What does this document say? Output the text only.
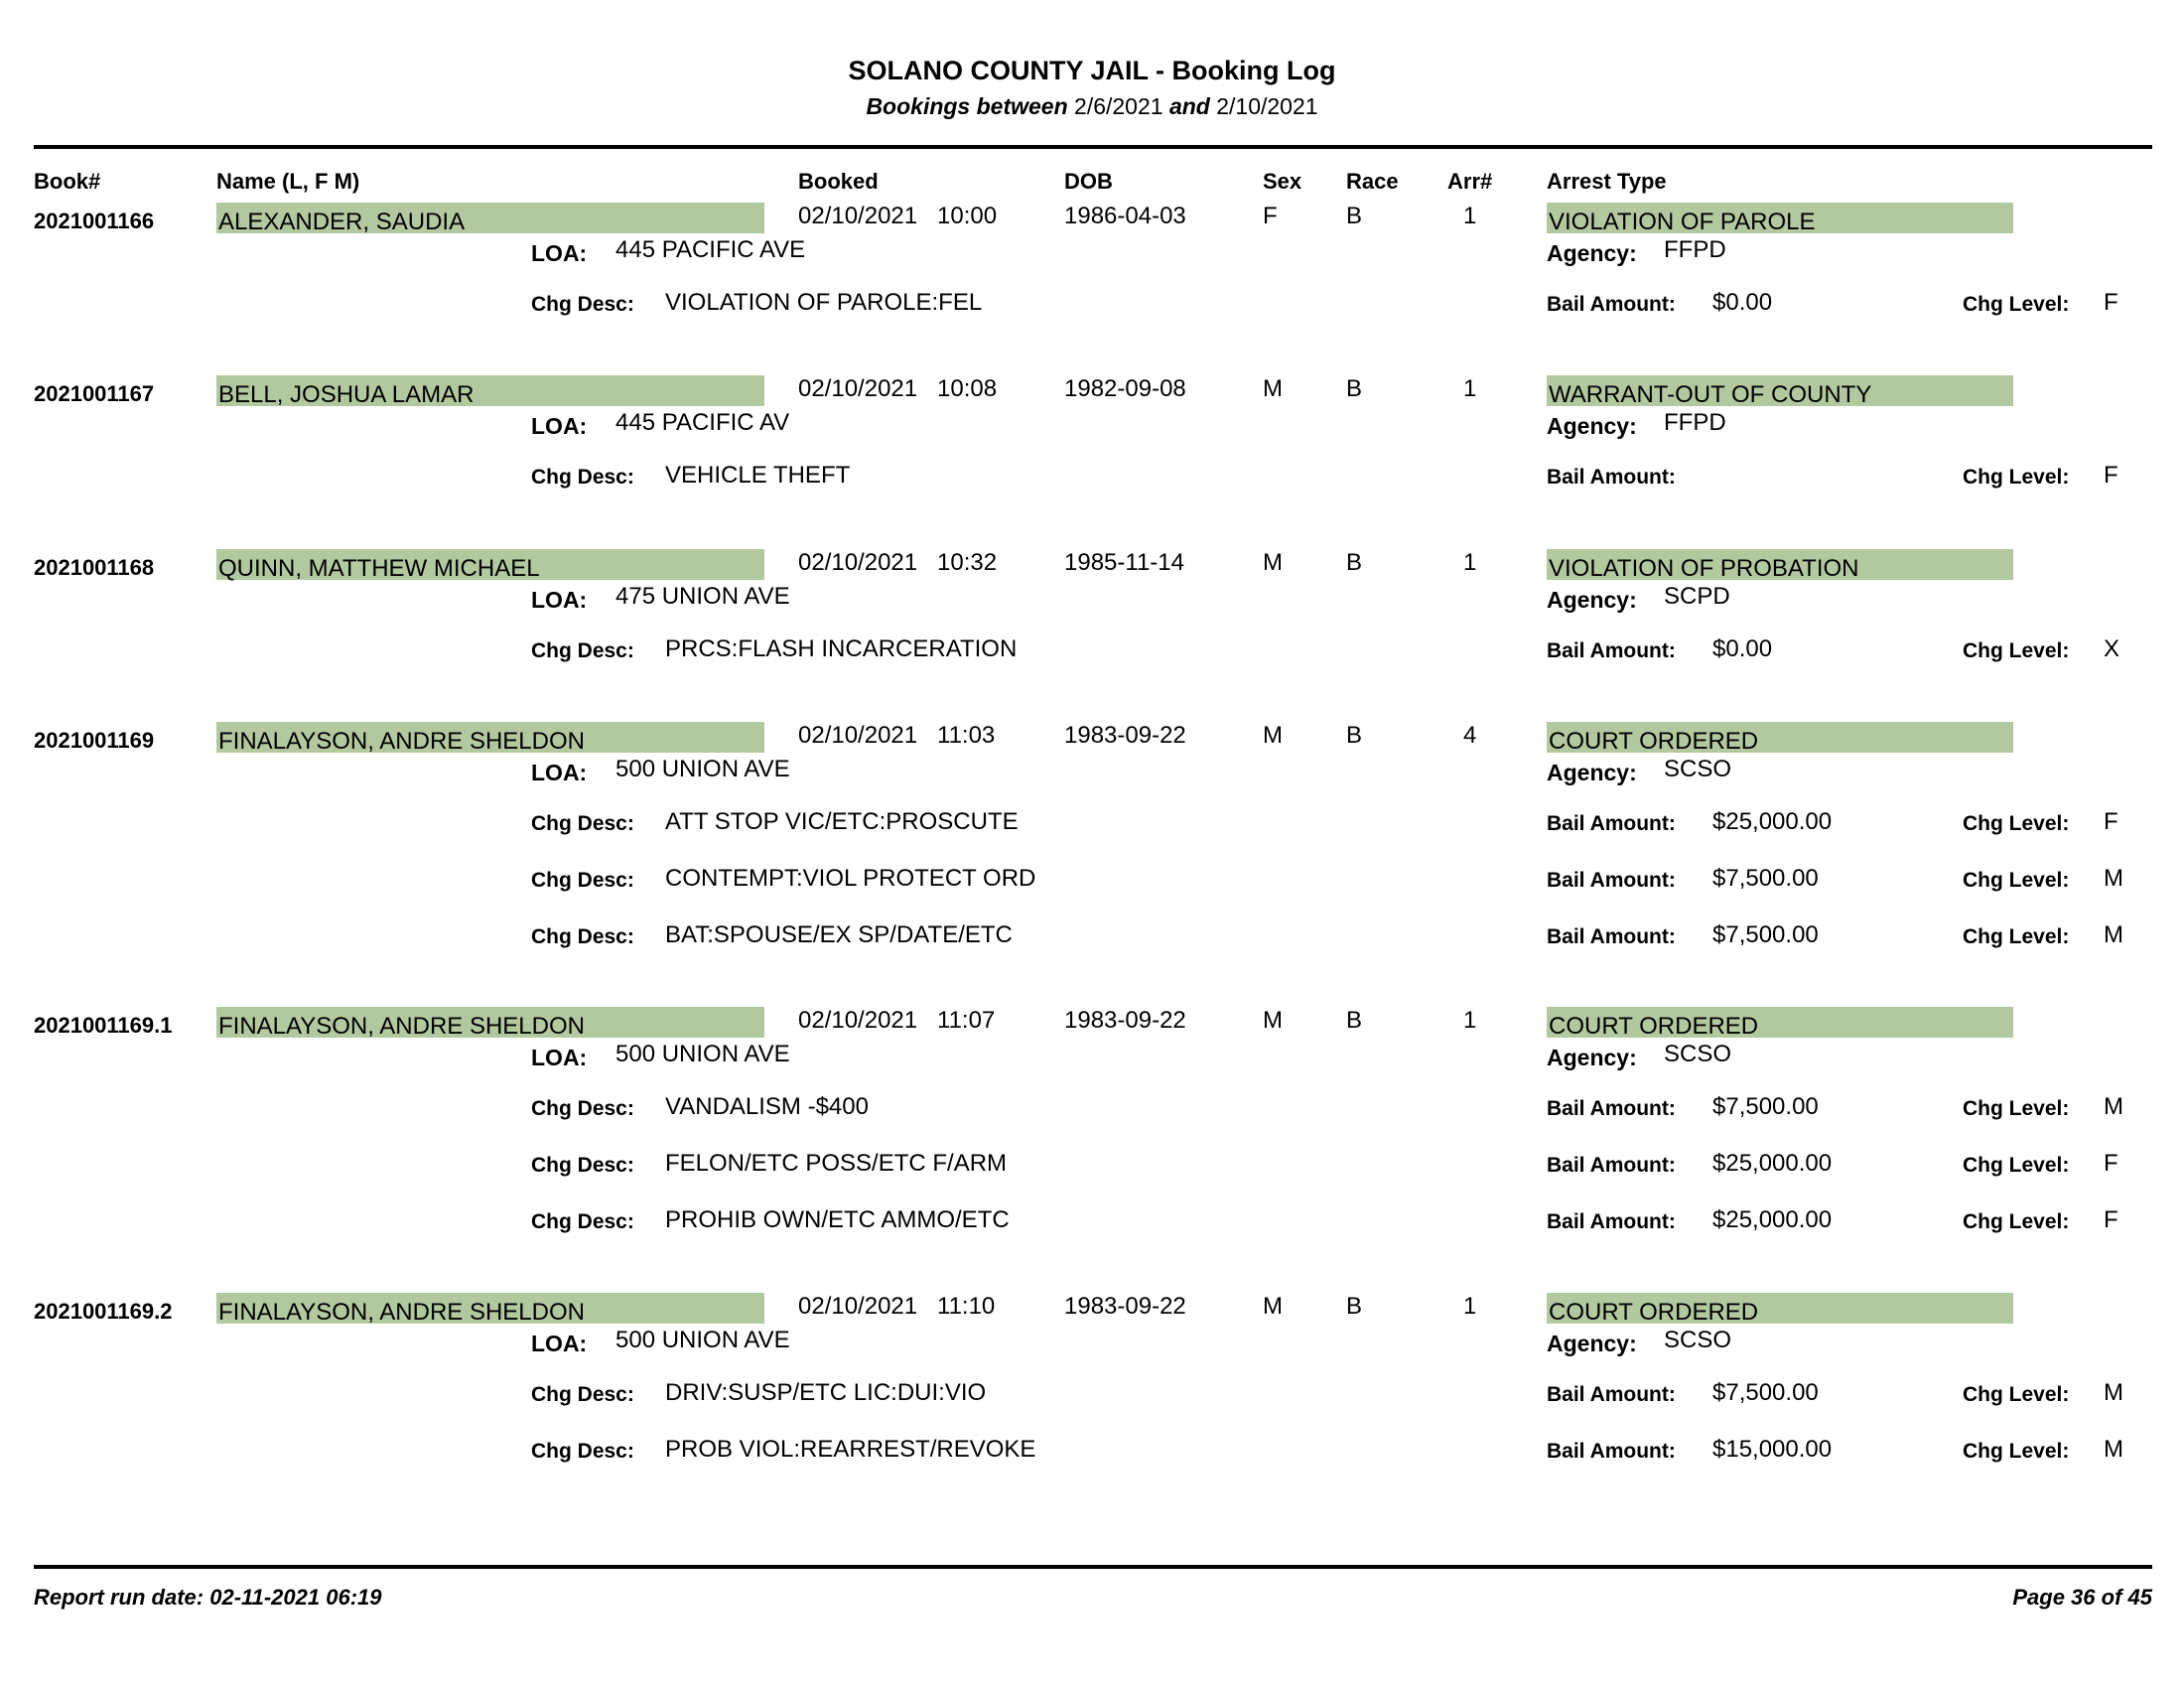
SOLANO COUNTY JAIL - Booking Log
Bookings between 2/6/2021 and 2/10/2021
Book#	Name (L, F M)	Booked	DOB	Sex Race Arr# Arrest Type
2021001166	ALEXANDER, SAUDIA	02/10/2021 10:00	1986-04-03	F	B	1	VIOLATION OF PAROLE
LOA: 445 PACIFIC AVE	Agency: FFPD
Chg Desc: VIOLATION OF PAROLE:FEL	Bail Amount: $0.00	Chg Level: F
2021001167	BELL, JOSHUA LAMAR	02/10/2021 10:08	1982-09-08	M	B	1	WARRANT-OUT OF COUNTY
LOA: 445 PACIFIC AV	Agency: FFPD
Chg Desc: VEHICLE THEFT	Bail Amount:	Chg Level: F
2021001168	QUINN, MATTHEW MICHAEL	02/10/2021 10:32	1985-11-14	M	B	1	VIOLATION OF PROBATION
LOA: 475 UNION AVE	Agency: SCPD
Chg Desc: PRCS:FLASH INCARCERATION	Bail Amount: $0.00	Chg Level: X
2021001169	FINALAYSON, ANDRE SHELDON	02/10/2021 11:03	1983-09-22	M	B	4	COURT ORDERED
LOA: 500 UNION AVE	Agency: SCSO
Chg Desc: ATT STOP VIC/ETC:PROSCUTE	Bail Amount: $25,000.00	Chg Level: F
Chg Desc: CONTEMPT:VIOL PROTECT ORD	Bail Amount: $7,500.00	Chg Level: M
Chg Desc: BAT:SPOUSE/EX SP/DATE/ETC	Bail Amount: $7,500.00	Chg Level: M
2021001169.1 FINALAYSON, ANDRE SHELDON	02/10/2021 11:07	1983-09-22	M	B	1	COURT ORDERED
LOA: 500 UNION AVE	Agency: SCSO
Chg Desc: VANDALISM -$400	Bail Amount: $7,500.00	Chg Level: M
Chg Desc: FELON/ETC POSS/ETC F/ARM	Bail Amount: $25,000.00	Chg Level: F
Chg Desc: PROHIB OWN/ETC AMMO/ETC	Bail Amount: $25,000.00	Chg Level: F
2021001169.2 FINALAYSON, ANDRE SHELDON	02/10/2021 11:10	1983-09-22	M	B	1	COURT ORDERED
LOA: 500 UNION AVE	Agency: SCSO
Chg Desc: DRIV:SUSP/ETC LIC:DUI:VIO	Bail Amount: $7,500.00	Chg Level: M
Chg Desc: PROB VIOL:REARREST/REVOKE	Bail Amount: $15,000.00	Chg Level: M
Report run date: 02-11-2021 06:19	Page 36 of 45
